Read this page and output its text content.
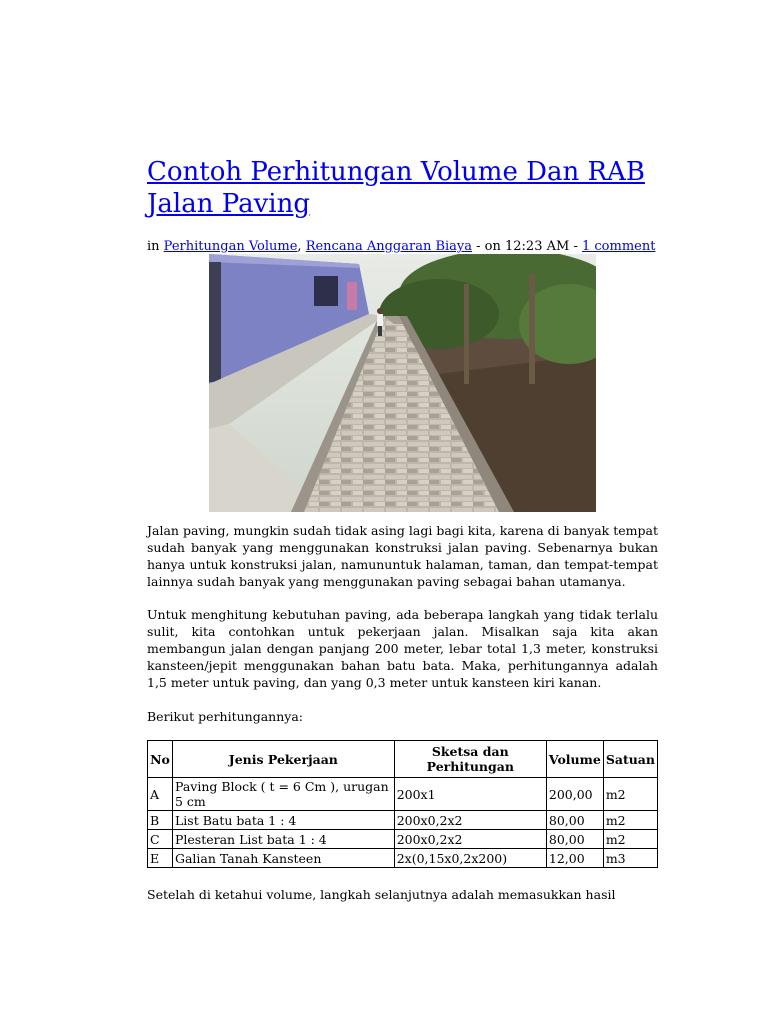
Contoh Perhitungan Volume Dan RAB Jalan Paving
in Perhitungan Volume, Rencana Anggaran Biaya - on 12:23 AM - 1 comment

Jalan paving, mungkin sudah tidak asing lagi bagi kita, karena di banyak tempat sudah banyak yang menggunakan konstruksi jalan paving. Sebenarnya bukan hanya untuk konstruksi jalan, namununtuk halaman, taman, dan tempat-tempat lainnya sudah banyak yang menggunakan paving sebagai bahan utamanya.

Untuk menghitung kebutuhan paving, ada beberapa langkah yang tidak terlalu sulit, kita contohkan untuk pekerjaan jalan. Misalkan saja kita akan membangun jalan dengan panjang 200 meter, lebar total 1,3 meter, konstruksi kansteen/jepit menggunakan bahan batu bata. Maka, perhitungannya adalah 1,5 meter untuk paving, dan yang 0,3 meter untuk kansteen kiri kanan.

Berikut perhitungannya:

No	Jenis Pekerjaan	Sketsa dan Perhitungan	Volume	Satuan
A	Paving Block ( t = 6 Cm ), urugan 5 cm	200x1	200,00	m2
B	List Batu bata 1 : 4	200x0,2x2	80,00	m2
C	Plesteran List bata 1 : 4	200x0,2x2	80,00	m2
E	Galian Tanah Kansteen	2x(0,15x0,2x200)	12,00	m3

Setelah di ketahui volume, langkah selanjutnya adalah memasukkan hasil
